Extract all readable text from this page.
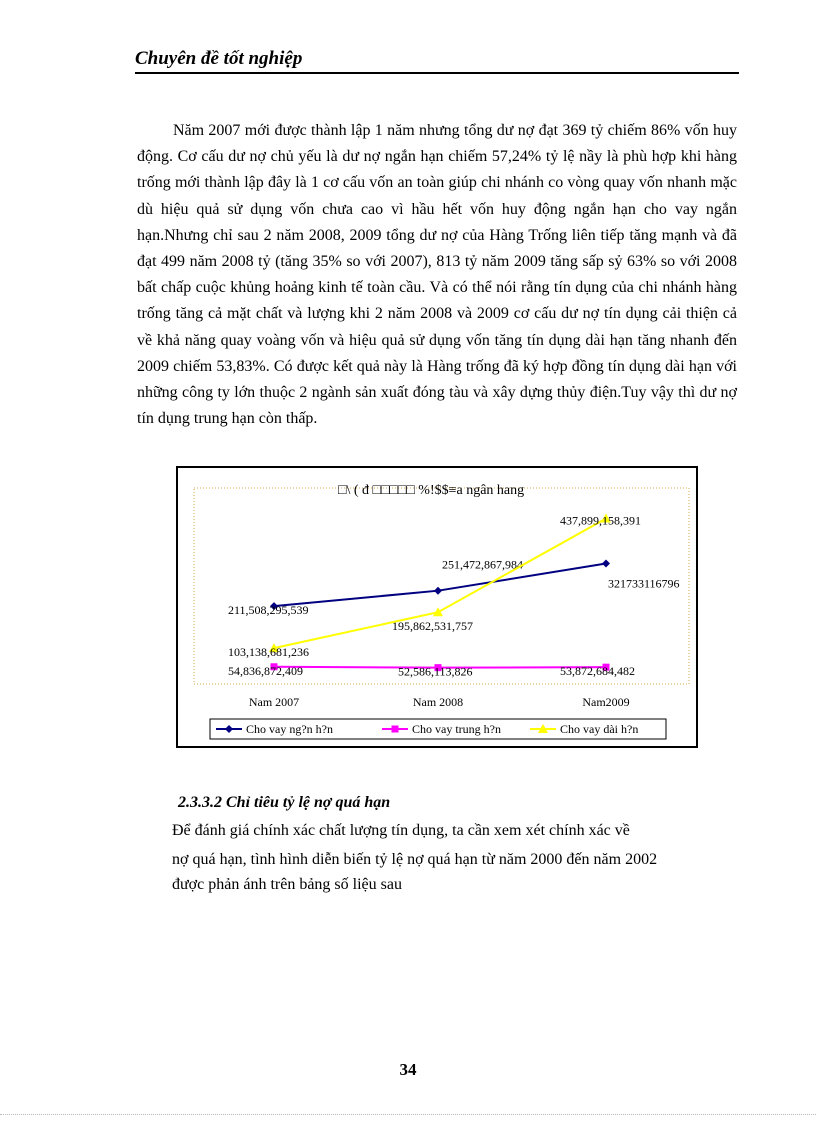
Chuyên đề tốt nghiệp

Năm 2007 mới được thành lập 1 năm nhưng tổng dư nợ đạt 369 tỷ chiếm 86% vốn huy động. Cơ cấu dư nợ chủ yếu là dư nợ ngắn hạn chiếm 57,24% tỷ lệ nầy là phù hợp khi hàng trống mới thành lập đây là 1 cơ cấu vốn an toàn giúp chi nhánh co vòng quay vốn nhanh mặc dù hiệu quả sử dụng vốn chưa cao vì hầu hết vốn huy động ngắn hạn cho vay ngắn hạn.Nhưng chỉ sau 2 năm 2008, 2009 tổng dư nợ của Hàng Trống liên tiếp tăng mạnh và đã đạt 499 năm 2008 tỷ (tăng 35% so với 2007), 813 tỷ năm 2009 tăng sấp sỷ 63% so với 2008 bất chấp cuộc khủng hoảng kinh tế toàn cầu. Và có thể nói rằng tín dụng của chi nhánh hàng trống tăng cả mặt chất và lượng khi 2 năm 2008 và 2009 cơ cấu dư nợ tín dụng cải thiện cả về khả năng quay voàng vốn và hiệu quả sử dụng vốn tăng tín dụng dài hạn tăng nhanh đến 2009 chiếm 53,83%. Có được kết quả này là Hàng trống đã ký hợp đồng tín dụng dài hạn với những công ty lớn thuộc 2 ngành sản xuất đóng tàu và xây dựng thủy điện.Tuy vậy thì dư nợ tín dụng trung hạn còn thấp.

□\ ( đ □□□□□ %!$$≡a ngân hang
Nam 2007	Nam 2008	Nam2009
211,508,295,539
251,472,867,984
321733116796
54,836,872,409	52,586,113,826	53,872,684,482
103,138,681,236
195,862,531,757
437,899,158,391
Cho vay ng?n h?n	Cho vay trung h?n	Cho vay dài h?n
2.3.3.2 Chỉ tiêu tỷ lệ nợ quá hạn
Để đánh giá chính xác chất lượng tín dụng, ta cần xem xét chính xác về
nợ quá hạn, tình hình diễn biến tỷ lệ nợ quá hạn từ năm 2000 đến năm 2002
được phản ánh trên bảng số liệu sau
34
